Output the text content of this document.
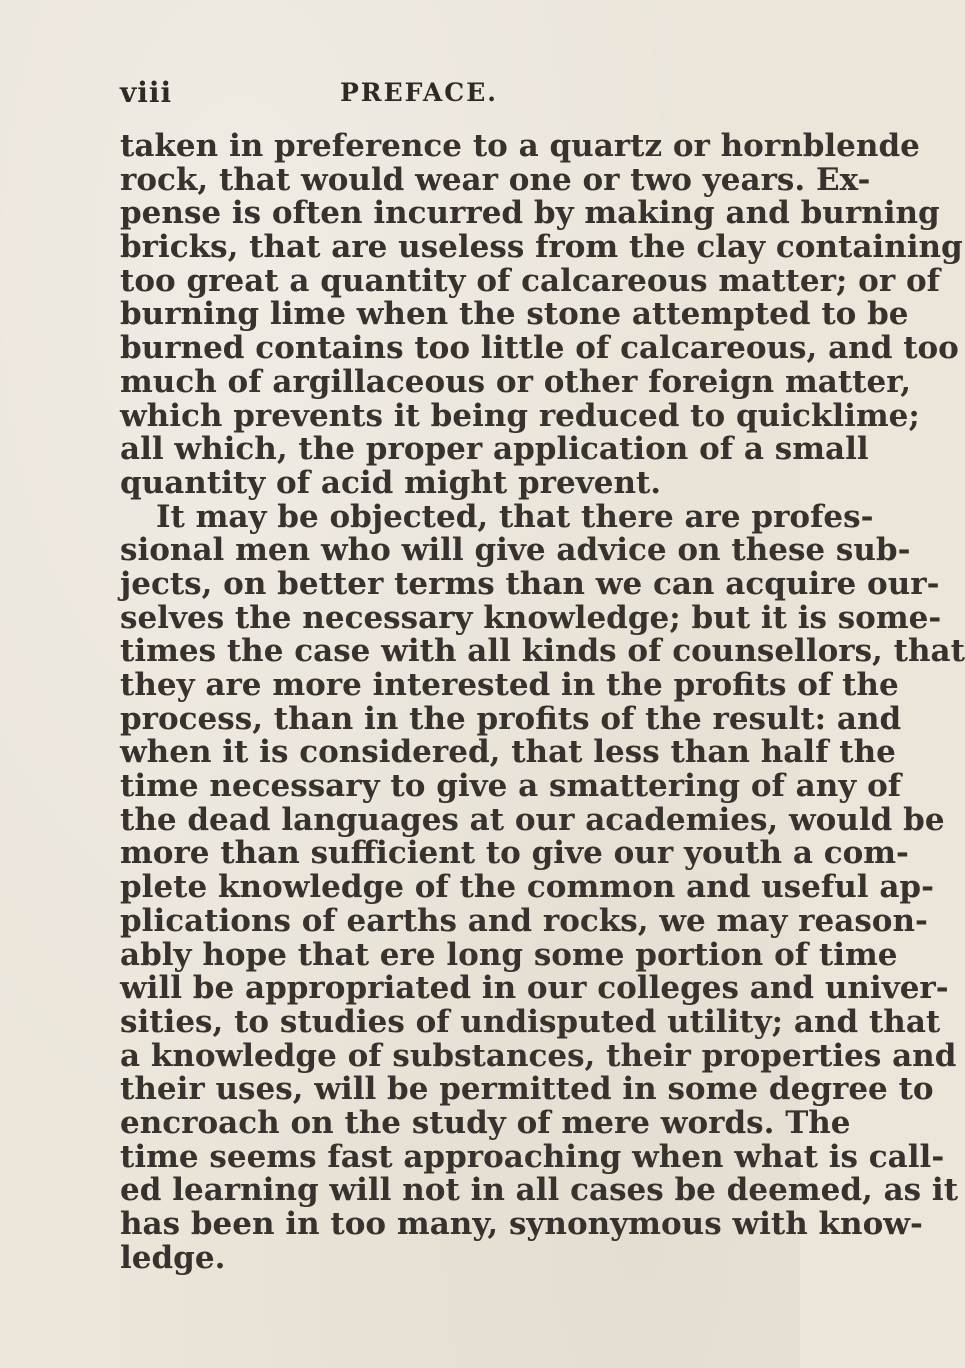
viii	PREFACE.
taken in preference to a quartz or hornblende
rock, that would wear one or two years. Ex-
pense is often incurred by making and burning
bricks, that are useless from the clay containing
too great a quantity of calcareous matter; or of
burning lime when the stone attempted to be
burned contains too little of calcareous, and too
much of argillaceous or other foreign matter,
which prevents it being reduced to quicklime;
all which, the proper application of a small
quantity of acid might prevent.
It may be objected, that there are profes-
sional men who will give advice on these sub-
jects, on better terms than we can acquire our-
selves the necessary knowledge; but it is some-
times the case with all kinds of counsellors, that
they are more interested in the profits of the
process, than in the profits of the result: and
when it is considered, that less than half the
time necessary to give a smattering of any of
the dead languages at our academies, would be
more than sufficient to give our youth a com-
plete knowledge of the common and useful ap-
plications of earths and rocks, we may reason-
ably hope that ere long some portion of time
will be appropriated in our colleges and univer-
sities, to studies of undisputed utility; and that
a knowledge of substances, their properties and
their uses, will be permitted in some degree to
encroach on the study of mere words. The
time seems fast approaching when what is call-
ed learning will not in all cases be deemed, as it
has been in too many, synonymous with know-
ledge.
